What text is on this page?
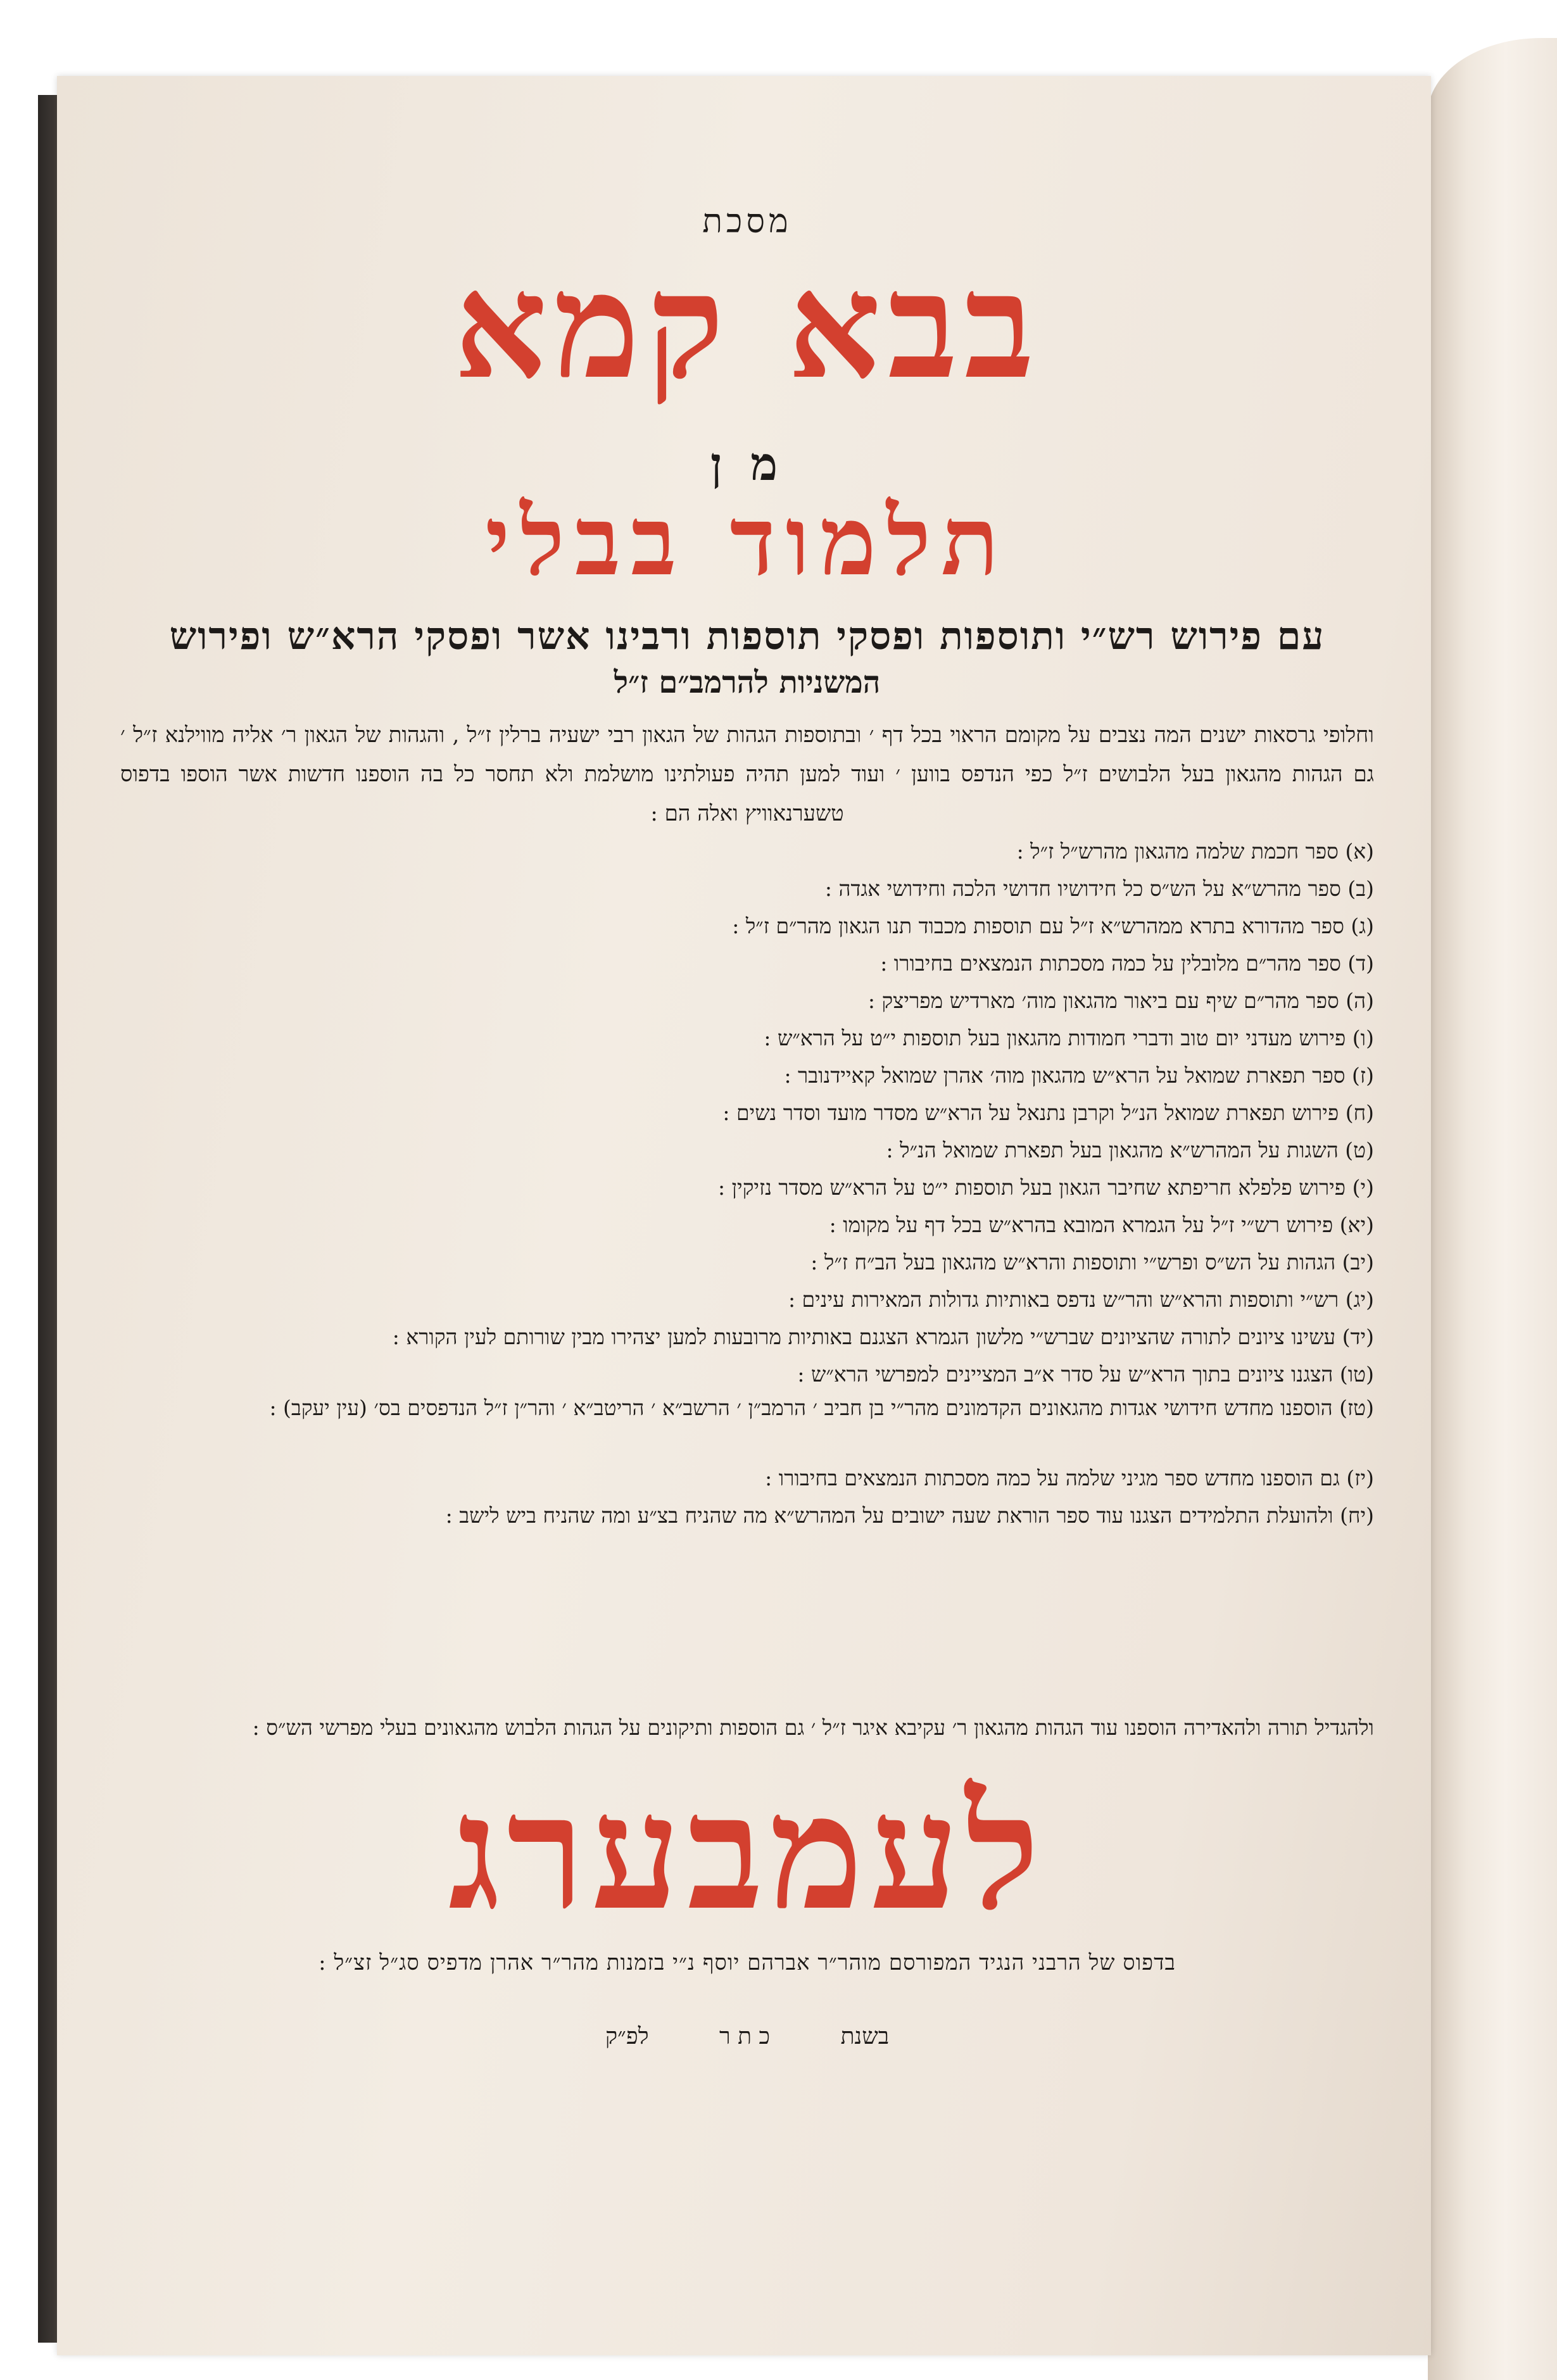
מסכת
בבא קמא
מ ן
תלמוד בבלי
עם פירוש רש״י ותוספות ופסקי תוספות ורבינו אשר ופסקי הרא״ש ופירוש
המשניות להרמב״ם ז״ל
וחלופי גרסאות ישנים המה נצבים על מקומם הראוי בכל דף ׳ ובתוספות הגהות של הגאון רבי ישעיה ברלין ז״ל , והגהות של הגאון ר׳ אליה מווילנא ז״ל ׳ גם הגהות מהגאון בעל הלבושים ז״ל כפי הנדפס בווען ׳ ועוד למען תהיה פעולתינו מושלמת ולא תחסר כל בה הוספנו חדשות אשר הוספו בדפוס טשערנאוויץ ואלה הם :
(א) ספר חכמת שלמה מהגאון מהרש״ל ז״ל :
(ב) ספר מהרש״א על הש״ס כל חידושיו חדושי הלכה וחידושי אגדה :
(ג) ספר מהדורא בתרא ממהרש״א ז״ל עם תוספות מכבוד תנו הגאון מהר״ם ז״ל :
(ד) ספר מהר״ם מלובלין על כמה מסכתות הנמצאים בחיבורו :
(ה) ספר מהר״ם שיף עם ביאור מהגאון מוה׳ מארדיש מפריצק :
(ו) פירוש מעדני יום טוב ודברי חמודות מהגאון בעל תוספות י״ט על הרא״ש :
(ז) ספר תפארת שמואל על הרא״ש מהגאון מוה׳ אהרן שמואל קאיידנובר :
(ח) פירוש תפארת שמואל הנ״ל וקרבן נתנאל על הרא״ש מסדר מועד וסדר נשים :
(ט) השגות על המהרש״א מהגאון בעל תפארת שמואל הנ״ל :
(י) פירוש פלפלא חריפתא שחיבר הגאון בעל תוספות י״ט על הרא״ש מסדר נזיקין :
(יא) פירוש רש״י ז״ל על הגמרא המובא בהרא״ש בכל דף על מקומו :
(יב) הגהות על הש״ס ופרש״י ותוספות והרא״ש מהגאון בעל הב״ח ז״ל :
(יג) רש״י ותוספות והרא״ש והר״ש נדפס באותיות גדולות המאירות עינים :
(יד) עשינו ציונים לתורה שהציונים שברש״י מלשון הגמרא הצגנם באותיות מרובעות למען יצהירו מבין שורותם לעין הקורא :
(טו) הצגנו ציונים בתוך הרא״ש על סדר א״ב המציינים למפרשי הרא״ש :
(טז) הוספנו מחדש חידושי אגדות מהגאונים הקדמונים מהר״י בן חביב ׳ הרמב״ן ׳ הרשב״א ׳ הריטב״א ׳ והר״ן ז״ל הנדפסים בס׳ (עין יעקב) :
(יז) גם הוספנו מחדש ספר מגיני שלמה על כמה מסכתות הנמצאים בחיבורו :
(יח) ולהועלת התלמידים הצגנו עוד ספר הוראת שעה ישובים על המהרש״א מה שהניח בצ״ע ומה שהניח ביש לישב :
ולהגדיל תורה ולהאדירה הוספנו עוד הגהות מהגאון ר׳ עקיבא איגר ז״ל ׳ גם הוספות ותיקונים על הגהות הלבוש מהגאונים בעלי מפרשי הש״ס :
לעמבערג
בדפוס של הרבני הנגיד המפורסם מוהר״ר אברהם יוסף נ״י בזמנות מהר״ר אהרן מדפיס סג״ל זצ״ל :
בשנת כ ת ר לפ״ק
